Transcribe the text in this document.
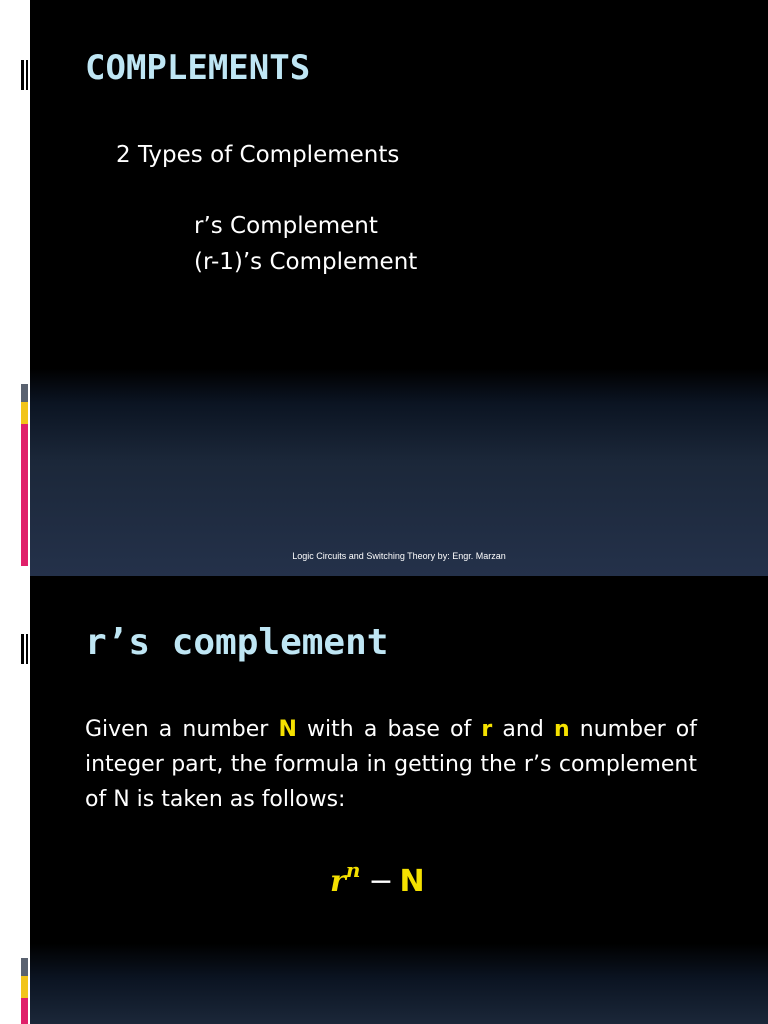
COMPLEMENTS
2 Types of Complements
r’s Complement
(r-1)’s Complement
Logic Circuits and Switching Theory by: Engr. Marzan
r’s complement

Given a number N with a base of r and n number of integer part, the formula in getting the r’s complement of N is taken as follows:

$r^n - N$
